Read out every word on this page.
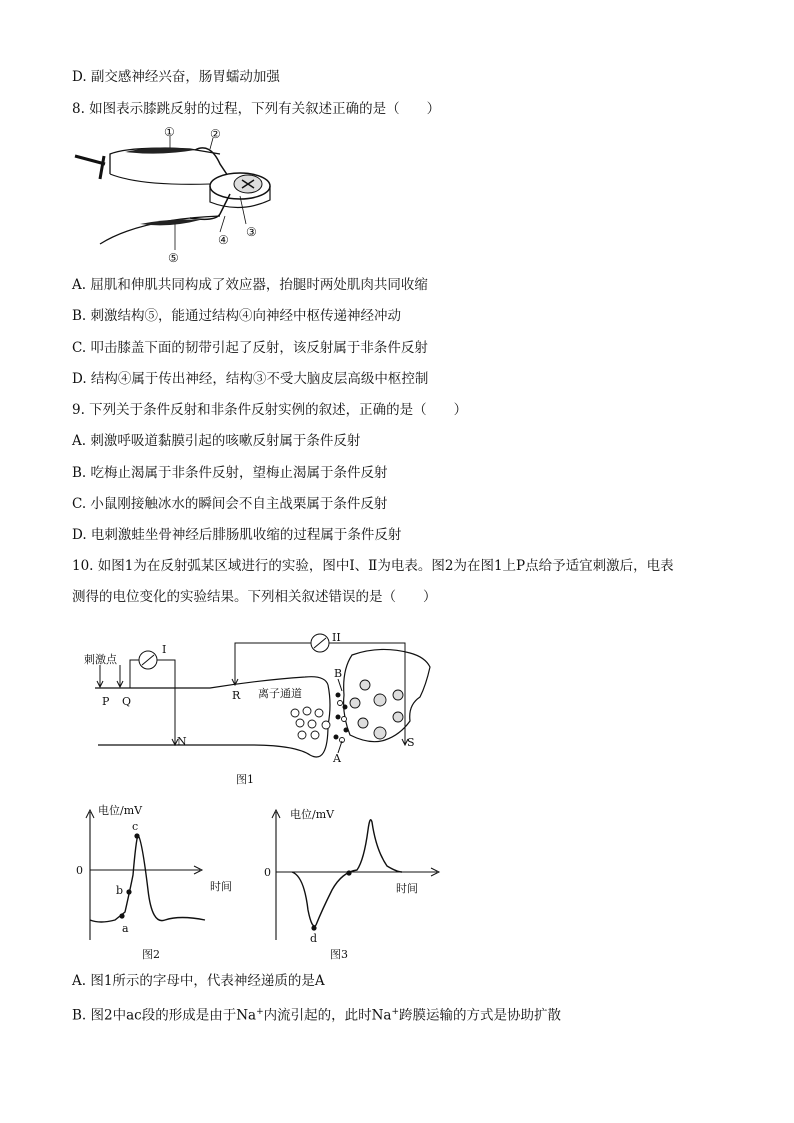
D. 副交感神经兴奋，肠胃蠕动加强
8. 如图表示膝跳反射的过程，下列有关叙述正确的是（　　）
①	②
③
④
⑤
A. 屈肌和伸肌共同构成了效应器，抬腿时两处肌肉共同收缩
B. 刺激结构⑤，能通过结构④向神经中枢传递神经冲动
C. 叩击膝盖下面的韧带引起了反射，该反射属于非条件反射
D. 结构④属于传出神经，结构③不受大脑皮层高级中枢控制
9. 下列关于条件反射和非条件反射实例的叙述，正确的是（　　）
A. 刺激呼吸道黏膜引起的咳嗽反射属于条件反射
B. 吃梅止渴属于非条件反射，望梅止渴属于条件反射
C. 小鼠刚接触冰水的瞬间会不自主战栗属于条件反射
D. 电刺激蛙坐骨神经后腓肠肌收缩的过程属于条件反射
10. 如图1为在反射弧某区域进行的实验，图中Ⅰ、Ⅱ为电表。图2为在图1上P点给予适宜刺激后，电表
测得的电位变化的实验结果。下列相关叙述错误的是（　　）
刺激点
P Q
I
N
II
R
S
离子通道
B
A
图1
电位/mV
时间
0
a
b
c
图2
电位/mV
时间
0
d
图3
A. 图1所示的字母中，代表神经递质的是A
B. 图2中ac段的形成是由于Na+内流引起的，此时Na+跨膜运输的方式是协助扩散
